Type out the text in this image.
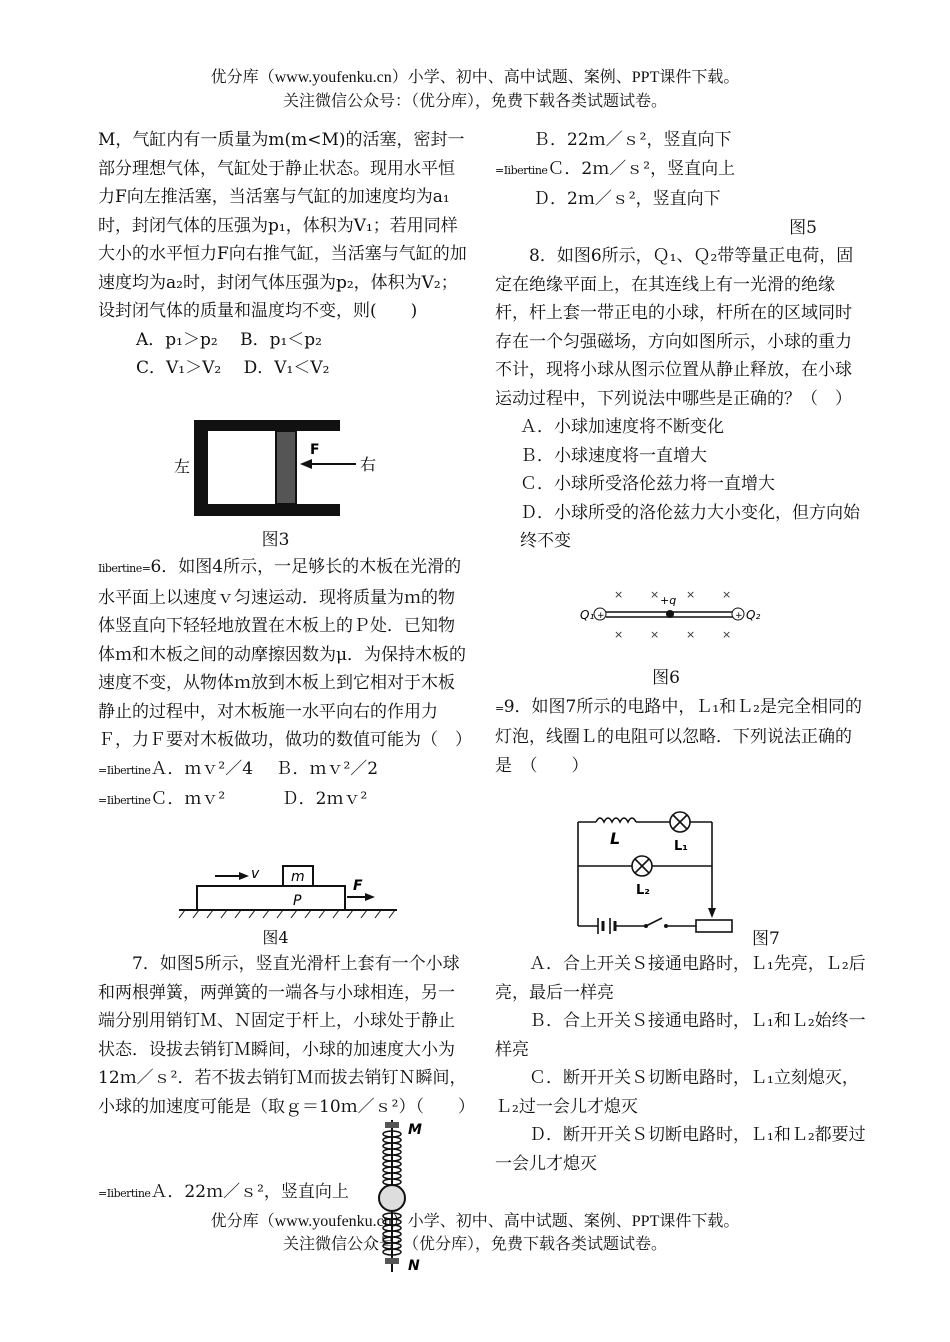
优分库（www.youfenku.cn）小学、初中、高中试题、案例、PPT课件下载。
关注微信公众号：（优分库），免费下载各类试题试卷。

M，气缸内有一质量为m(m<M)的活塞，密封一部分理想气体，气缸处于静止状态。现用水平恒力F向左推活塞，当活塞与气缸的加速度均为a₁时，封闭气体的压强为p₁，体积为V₁；若用同样大小的水平恒力F向右推气缸，当活塞与气缸的加速度均为a₂时，封闭气体压强为p₂，体积为V₂；设封闭气体的质量和温度均不变，则(　　)

A．p₁＞p₂　 B．p₁＜p₂

C．V₁＞V₂　 D．V₁＜V₂

左	右
F
图3

Iibertine=6．如图4所示，一足够长的木板在光滑的水平面上以速度ｖ匀速运动．现将质量为ｍ的物体竖直向下轻轻地放置在木板上的Ｐ处．已知物体ｍ和木板之间的动摩擦因数为μ．为保持木板的速度不变，从物体ｍ放到木板上到它相对于木板静止的过程中，对木板施一水平向右的作用力Ｆ，力Ｆ要对木板做功，做功的数值可能为（　）

=IibertineＡ．ｍｖ²／4　 Ｂ．ｍｖ²／2

=IibertineＣ．ｍｖ²　　　 Ｄ．2ｍｖ²

v m
P
F
图4

7．如图5所示，竖直光滑杆上套有一个小球和两根弹簧，两弹簧的一端各与小球相连，另一端分别用销钉Ｍ、Ｎ固定于杆上，小球处于静止状态．设拔去销钉Ｍ瞬间，小球的加速度大小为12ｍ／ｓ²．若不拔去销钉Ｍ而拔去销钉Ｎ瞬间，小球的加速度可能是（取ｇ＝10ｍ／ｓ²）（　　）

=IibertineＡ．22ｍ／ｓ²，竖直向上

M
N

Ｂ．22ｍ／ｓ²，竖直向下

=IibertineＣ．2ｍ／ｓ²，竖直向上

Ｄ．2ｍ／ｓ²，竖直向下

图5

8．如图6所示，Ｑ₁、Ｑ₂带等量正电荷，固定在绝缘平面上，在其连线上有一光滑的绝缘杆，杆上套一带正电的小球，杆所在的区域同时存在一个匀强磁场，方向如图所示，小球的重力不计，现将小球从图示位置从静止释放，在小球运动过程中，下列说法中哪些是正确的？（　）

Ａ．小球加速度将不断变化

Ｂ．小球速度将一直增大

Ｃ．小球所受洛伦兹力将一直增大

Ｄ．小球所受的洛伦兹力大小变化，但方向始终不变

× × × ×
× × × ×
+	+
Q₁	Q₂
+q

图6

=9．如图7所示的电路中，Ｌ₁和Ｌ₂是完全相同的灯泡，线圈Ｌ的电阻可以忽略．下列说法正确的是　（　　）

L	L₁
L₂
图7

Ａ．合上开关Ｓ接通电路时，Ｌ₁先亮，Ｌ₂后亮，最后一样亮

Ｂ．合上开关Ｓ接通电路时，Ｌ₁和Ｌ₂始终一样亮

Ｃ．断开开关Ｓ切断电路时，Ｌ₁立刻熄灭，Ｌ₂过一会儿才熄灭

Ｄ．断开开关Ｓ切断电路时，Ｌ₁和Ｌ₂都要过一会儿才熄灭

优分库（www.youfenku.cn）小学、初中、高中试题、案例、PPT课件下载。
关注微信公众号：（优分库），免费下载各类试题试卷。
